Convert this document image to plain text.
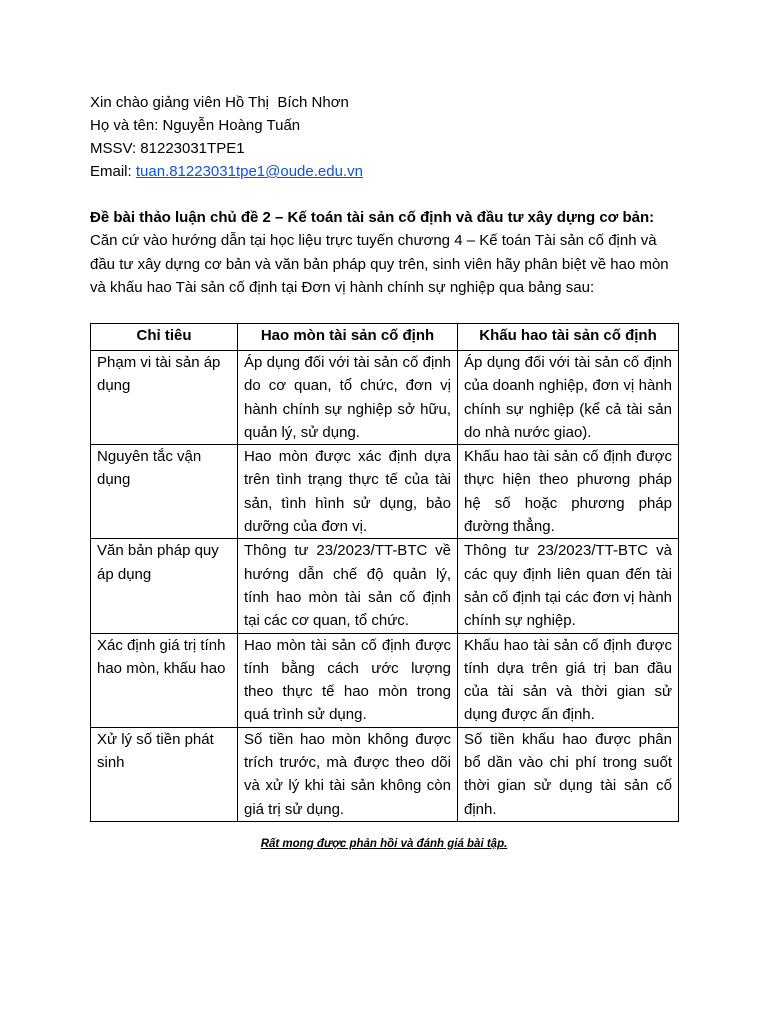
Xin chào giảng viên Hồ Thị  Bích Nhơn
Họ và tên: Nguyễn Hoàng Tuấn
MSSV: 81223031TPE1
Email: tuan.81223031tpe1@oude.edu.vn
Đề bài thảo luận chủ đề 2 – Kế toán tài sản cố định và đầu tư xây dựng cơ bản:
Căn cứ vào hướng dẫn tại học liệu trực tuyến chương 4 – Kế toán Tài sản cố định và đầu tư xây dựng cơ bản và văn bản pháp quy trên, sinh viên hãy phân biệt về hao mòn và khấu hao Tài sản cố định tại Đơn vị hành chính sự nghiệp qua bảng sau:
Chỉ tiêu	Hao mòn tài sản cố định	Khấu hao tài sản cố định
Phạm vi tài sản áp dụng	Áp dụng đối với tài sản cố định do cơ quan, tổ chức, đơn vị hành chính sự nghiệp sở hữu, quản lý, sử dụng.	Áp dụng đối với tài sản cố định của doanh nghiệp, đơn vị hành chính sự nghiệp (kể cả tài sản do nhà nước giao).
Nguyên tắc vận dụng	Hao mòn được xác định dựa trên tình trạng thực tế của tài sản, tình hình sử dụng, bảo dưỡng của đơn vị.	Khấu hao tài sản cố định được thực hiện theo phương pháp hệ số hoặc phương pháp đường thẳng.
Văn bản pháp quy áp dụng	Thông tư 23/2023/TT-BTC về hướng dẫn chế độ quản lý, tính hao mòn tài sản cố định tại các cơ quan, tổ chức.	Thông tư 23/2023/TT-BTC và các quy định liên quan đến tài sản cố định tại các đơn vị hành chính sự nghiệp.
Xác định giá trị tính hao mòn, khấu hao	Hao mòn tài sản cố định được tính bằng cách ước lượng theo thực tế hao mòn trong quá trình sử dụng.	Khấu hao tài sản cố định được tính dựa trên giá trị ban đầu của tài sản và thời gian sử dụng được ấn định.
Xử lý số tiền phát sinh	Số tiền hao mòn không được trích trước, mà được theo dõi và xử lý khi tài sản không còn giá trị sử dụng.	Số tiền khấu hao được phân bổ dần vào chi phí trong suốt thời gian sử dụng tài sản cố định.
Rất mong được phản hồi và đánh giá bài tập.
